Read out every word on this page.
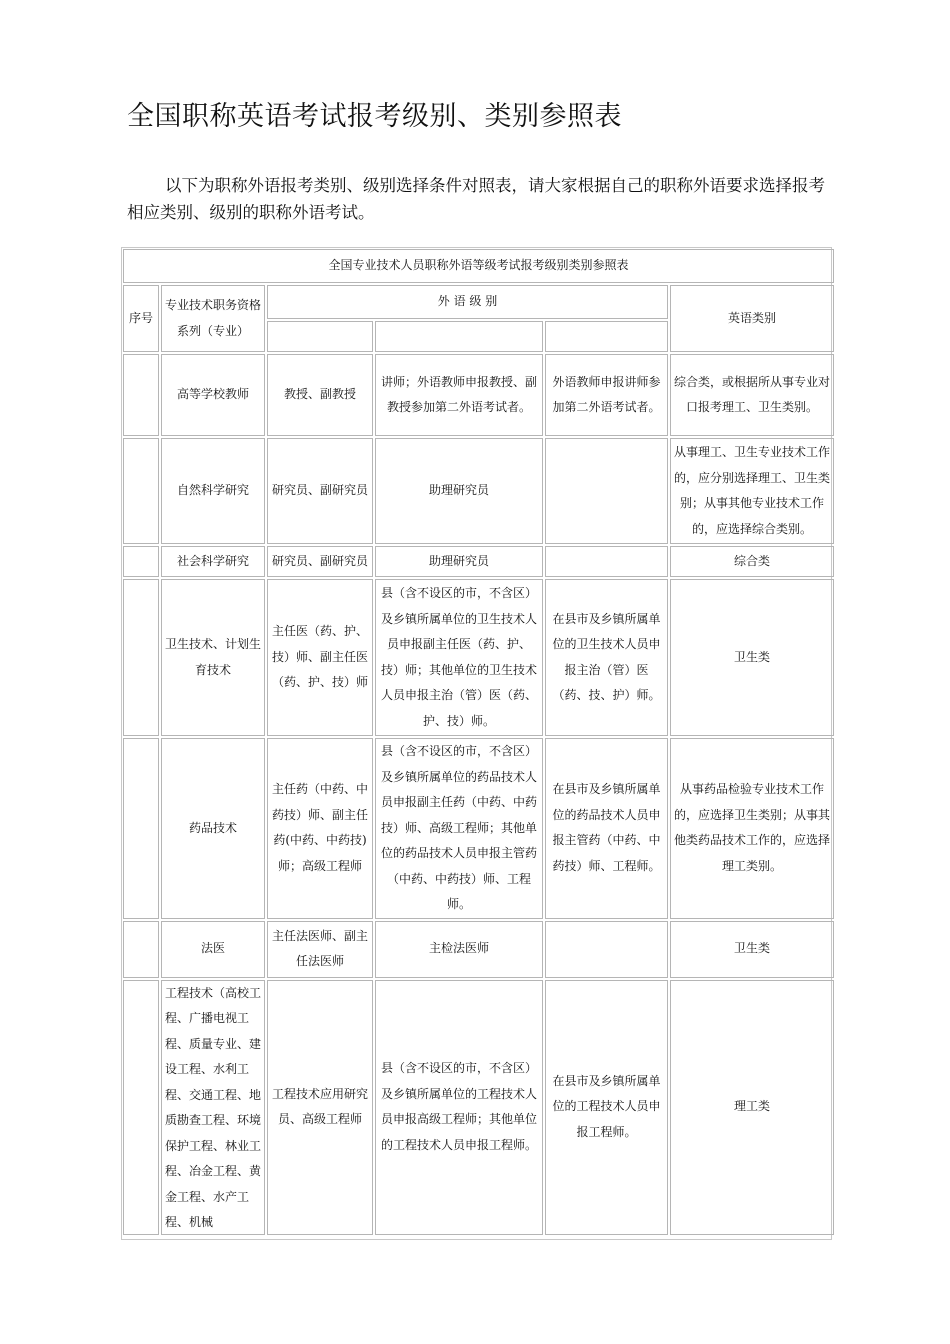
全国职称英语考试报考级别、类别参照表

以下为职称外语报考类别、级别选择条件对照表，请大家根据自己的职称外语要求选择报考相应类别、级别的职称外语考试。

全国专业技术人员职称外语等级考试报考级别类别参照表					
序号	专业技术职务资格系列（专业）	外 语 级 别			英语类别

	高等学校教师	教授、副教授	讲师；外语教师申报教授、副教授参加第二外语考试者。	外语教师申报讲师参加第二外语考试者。	综合类，或根据所从事专业对口报考理工、卫生类别。
	自然科学研究	研究员、副研究员	助理研究员		从事理工、卫生专业技术工作的，应分别选择理工、卫生类别；从事其他专业技术工作的，应选择综合类别。
	社会科学研究	研究员、副研究员	助理研究员		综合类
	卫生技术、计划生育技术	主任医（药、护、技）师、副主任医（药、护、技）师	县（含不设区的市，不含区）及乡镇所属单位的卫生技术人员申报副主任医（药、护、技）师；其他单位的卫生技术人员申报主治（管）医（药、护、技）师。	在县市及乡镇所属单位的卫生技术人员申报主治（管）医（药、技、护）师。	卫生类
	药品技术	主任药（中药、中药技）师、副主任药(中药、中药技)师；高级工程师	县（含不设区的市，不含区）及乡镇所属单位的药品技术人员申报副主任药（中药、中药技）师、高级工程师；其他单位的药品技术人员申报主管药（中药、中药技）师、工程师。	在县市及乡镇所属单位的药品技术人员申报主管药（中药、中药技）师、工程师。	从事药品检验专业技术工作的，应选择卫生类别；从事其他类药品技术工作的，应选择理工类别。
	法医	主任法医师、副主任法医师	主检法医师		卫生类

	工程技术（高校工程、广播电视工程、质量专业、建设工程、水利工程、交通工程、地质勘查工程、环境保护工程、林业工程、冶金工程、黄金工程、水产工程、机械	工程技术应用研究员、高级工程师	县（含不设区的市，不含区）及乡镇所属单位的工程技术人员申报高级工程师；其他单位的工程技术人员申报工程师。	在县市及乡镇所属单位的工程技术人员申报工程师。	理工类
